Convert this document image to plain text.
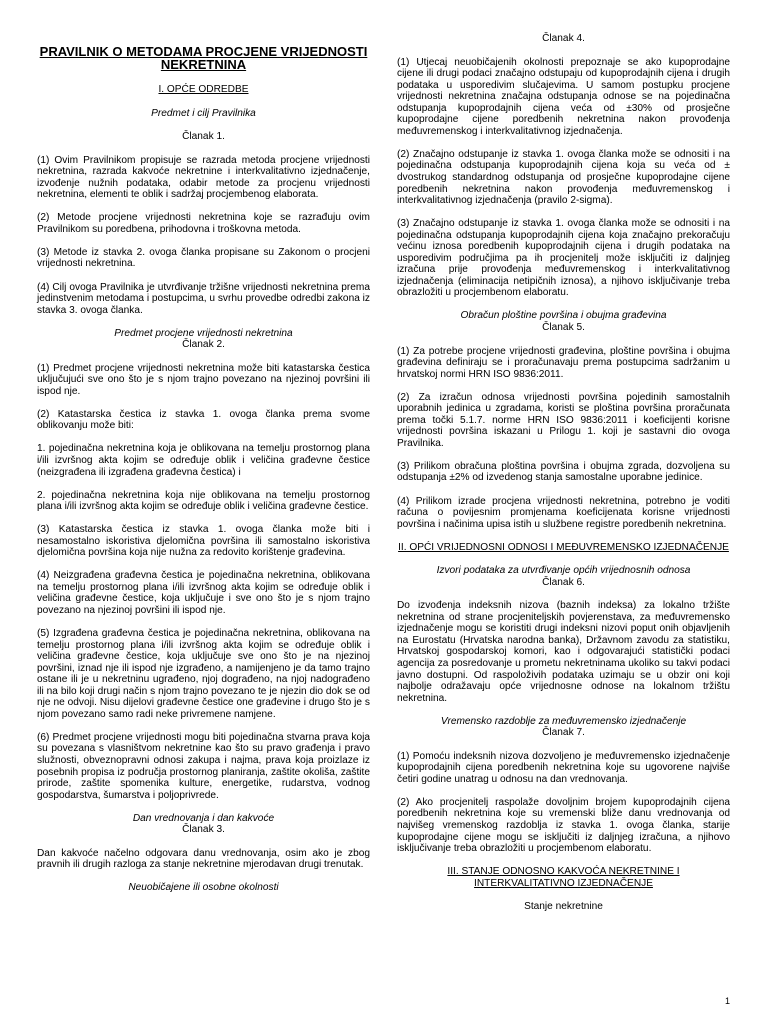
PRAVILNIK O METODAMA PROCJENE VRIJEDNOSTI NEKRETNINA
I. OPĆE ODREDBE
Predmet i cilj Pravilnika
Članak 1.

(1) Ovim Pravilnikom propisuje se razrada metoda procjene vrijednosti nekretnina, razrada kakvoće nekretnine i interkvalitativno izjednačenje, izvođenje nužnih podataka, odabir metode za procjenu vrijednosti nekretnina, elementi te oblik i sadržaj procjembenog elaborata.

(2) Metode procjene vrijednosti nekretnina koje se razrađuju ovim Pravilnikom su poredbena, prihodovna i troškovna metoda.

(3) Metode iz stavka 2. ovoga članka propisane su Zakonom o procjeni vrijednosti nekretnina.

(4) Cilj ovoga Pravilnika je utvrđivanje tržišne vrijednosti nekretnina prema jedinstvenim metodama i postupcima, u svrhu provedbe odredbi zakona iz stavka 3. ovoga članka.

Predmet procjene vrijednosti nekretnina
Članak 2.

(1) Predmet procjene vrijednosti nekretnina može biti katastarska čestica uključujući sve ono što je s njom trajno povezano na njezinoj površini ili ispod nje.

(2) Katastarska čestica iz stavka 1. ovoga članka prema svome oblikovanju može biti:

1. pojedinačna nekretnina koja je oblikovana na temelju prostornog plana i/ili izvršnog akta kojim se određuje oblik i veličina građevne čestice (neizgrađena ili izgrađena građevna čestica) i

2. pojedinačna nekretnina koja nije oblikovana na temelju prostornog plana i/ili izvršnog akta kojim se određuje oblik i veličina građevne čestice.

(3) Katastarska čestica iz stavka 1. ovoga članka može biti i nesamostalno iskoristiva djelomična površina ili samostalno iskoristiva djelomična površina koja nije nužna za redovito korištenje građevina.

(4) Neizgrađena građevna čestica je pojedinačna nekretnina, oblikovana na temelju prostornog plana i/ili izvršnog akta kojim se određuje oblik i veličina građevne čestice, koja uključuje i sve ono što je s njom trajno povezano na njezinoj površini ili ispod nje.

(5) Izgrađena građevna čestica je pojedinačna nekretnina, oblikovana na temelju prostornog plana i/ili izvršnog akta kojim se određuje oblik i veličina građevne čestice, koja uključuje sve ono što je na njezinoj površini, iznad nje ili ispod nje izgrađeno, a namijenjeno je da tamo trajno ostane ili je u nekretninu ugrađeno, njoj dograđeno, na njoj nadograđeno ili na bilo koji drugi način s njom trajno povezano te je njezin dio dok se od nje ne odvoji. Nisu dijelovi građevne čestice one građevine i drugo što je s njom povezano samo radi neke privremene namjene.

(6) Predmet procjene vrijednosti mogu biti pojedinačna stvarna prava koja su povezana s vlasništvom nekretnine kao što su pravo građenja i pravo služnosti, obveznopravni odnosi zakupa i najma, prava koja proizlaze iz posebnih propisa iz područja prostornog planiranja, zaštite okoliša, zaštite prirode, zaštite spomenika kulture, energetike, rudarstva, vodnog gospodarstva, šumarstva i poljoprivrede.

Dan vrednovanja i dan kakvoće
Članak 3.

Dan kakvoće načelno odgovara danu vrednovanja, osim ako je zbog pravnih ili drugih razloga za stanje nekretnine mjerodavan drugi trenutak.

Neuobičajene ili osobne okolnosti
Članak 4.

(1) Utjecaj neuobičajenih okolnosti prepoznaje se ako kupoprodajne cijene ili drugi podaci značajno odstupaju od kupoprodajnih cijena i drugih podataka u usporedivim slučajevima. U samom postupku procjene vrijednosti nekretnina značajna odstupanja odnose se na pojedinačna odstupanja kupoprodajnih cijena veća od ±30% od prosječne kupoprodajne cijene poredbenih nekretnina nakon provođenja međuvremenskog i interkvalitativnog izjednačenja.

(2) Značajno odstupanje iz stavka 1. ovoga članka može se odnositi i na pojedinačna odstupanja kupoprodajnih cijena koja su veća od ± dvostrukog standardnog odstupanja od prosječne kupoprodajne cijene poredbenih nekretnina nakon provođenja međuvremenskog i interkvalitativnog izjednačenja (pravilo 2-sigma).

(3) Značajno odstupanje iz stavka 1. ovoga članka može se odnositi i na pojedinačna odstupanja kupoprodajnih cijena koja značajno prekoračuju većinu iznosa poredbenih kupoprodajnih cijena i drugih podataka na usporedivim područjima pa ih procjenitelj može isključiti iz daljnjeg izračuna prije provođenja međuvremenskog i interkvalitativnog izjednačenja (eliminacija netipičnih iznosa), a njihovo isključivanje treba obrazložiti u procjembenom elaboratu.

Obračun ploštine površina i obujma građevina
Članak 5.

(1) Za potrebe procjene vrijednosti građevina, ploštine površina i obujma građevina definiraju se i proračunavaju prema postupcima sadržanim u hrvatskoj normi HRN ISO 9836:2011.

(2) Za izračun odnosa vrijednosti površina pojedinih samostalnih uporabnih jedinica u zgradama, koristi se ploština površina proračunata prema točki 5.1.7. norme HRN ISO 9836:2011 i koeficijenti korisne vrijednosti površina iskazani u Prilogu 1. koji je sastavni dio ovoga Pravilnika.

(3) Prilikom obračuna ploština površina i obujma zgrada, dozvoljena su odstupanja ±2% od izvedenog stanja samostalne uporabne jedinice.

(4) Prilikom izrade procjena vrijednosti nekretnina, potrebno je voditi računa o povijesnim promjenama koeficijenata korisne vrijednosti površina i načinima upisa istih u službene registre poredbenih nekretnina.

II. OPĆI VRIJEDNOSNI ODNOSI I MEĐUVREMENSKO IZJEDNAČENJE
Izvori podataka za utvrđivanje općih vrijednosnih odnosa
Članak 6.

Do izvođenja indeksnih nizova (baznih indeksa) za lokalno tržište nekretnina od strane procjeniteljskih povjerenstava, za međuvremensko izjednačenje mogu se koristiti drugi indeksni nizovi poput onih objavljenih na Eurostatu (Hrvatska narodna banka), Državnom zavodu za statistiku, Hrvatskoj gospodarskoj komori, kao i odgovarajući statistički podaci agencija za posredovanje u prometu nekretninama ukoliko su takvi podaci javno dostupni. Od raspoloživih podataka uzimaju se u obzir oni koji najbolje odražavaju opće vrijednosne odnose na lokalnom tržištu nekretnina.

Vremensko razdoblje za međuvremensko izjednačenje
Članak 7.

(1) Pomoću indeksnih nizova dozvoljeno je međuvremensko izjednačenje kupoprodajnih cijena poredbenih nekretnina koje su ugovorene najviše četiri godine unatrag u odnosu na dan vrednovanja.

(2) Ako procjenitelj raspolaže dovoljnim brojem kupoprodajnih cijena poredbenih nekretnina koje su vremenski bliže danu vrednovanja od najvišeg vremenskog razdoblja iz stavka 1. ovoga članka, starije kupoprodajne cijene mogu se isključiti iz daljnjeg izračuna, a njihovo isključivanje treba obrazložiti u procjembenom elaboratu.

III. STANJE ODNOSNO KAKVOĆA NEKRETNINE I INTERKVALITATIVNO IZJEDNAČENJE
Stanje nekretnine
1
